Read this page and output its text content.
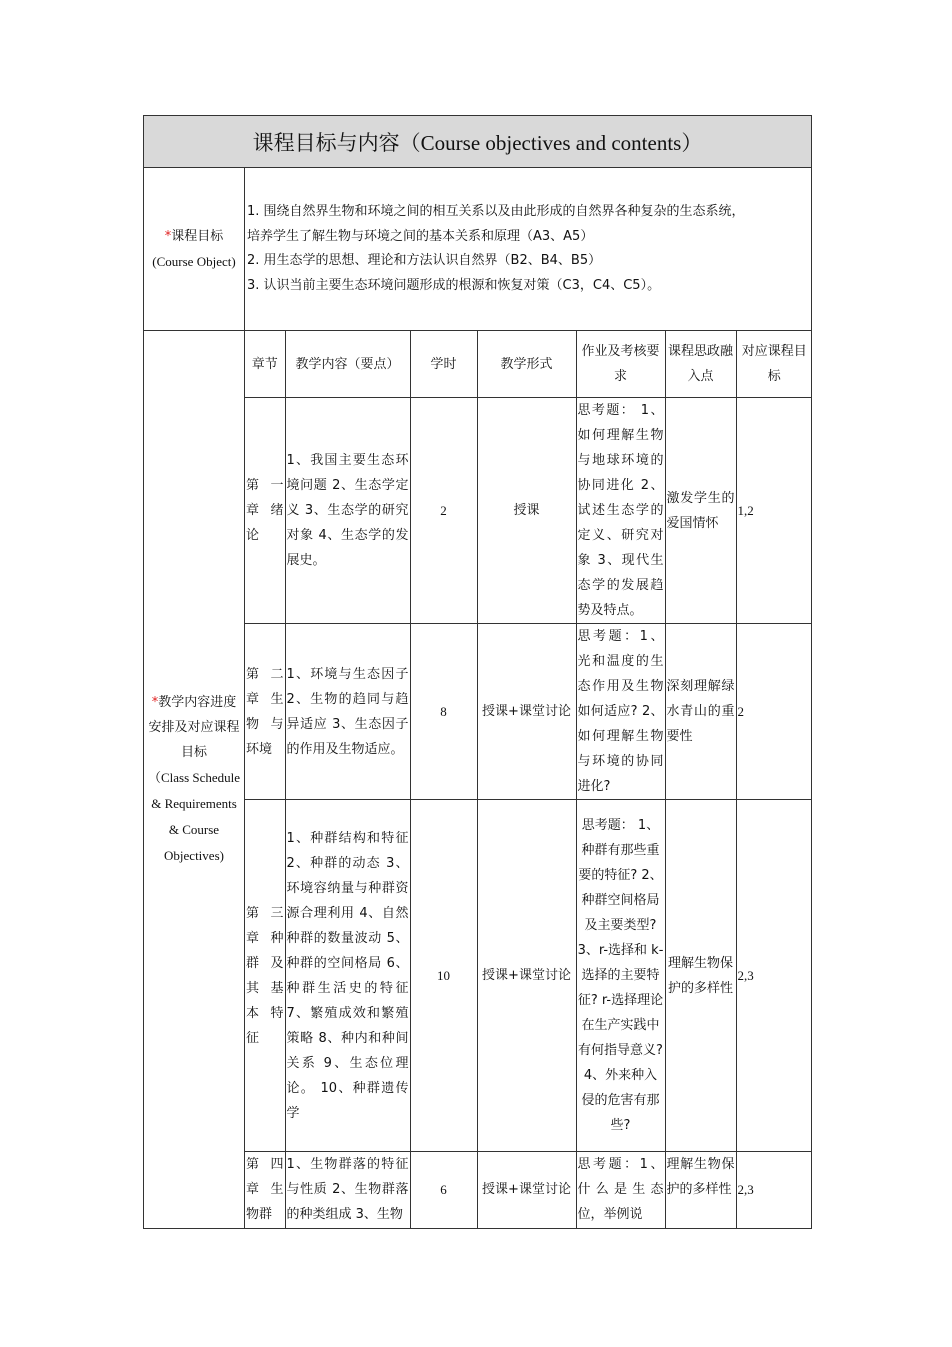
课程目标与内容（Course objectives and contents）
*课程目标
(Course Object)	
1. 围绕自然界生物和环境之间的相互关系以及由此形成的自然界各种复杂的生态系统，
培养学生了解生物与环境之间的基本关系和原理（A3、A5）
2. 用生态学的思想、理论和方法认识自然界（B2、B4、B5）
3. 认识当前主要生态环境问题形成的根源和恢复对策（C3，C4、C5）。

*教学内容进度安排及对应课程目标
（Class Schedule & Requirements & Course Objectives)	
章节	教学内容（要点）	学时	教学形式	作业及考核要求	课程思政融入点	对应课程目标
第一章 绪论	1、我国主要生态环境问题 2、生态学定义 3、生态学的研究对象 4、生态学的发展史。	2	授课	思考题： 1、如何理解生物与地球环境的协同进化 2、试述生态学的定义、研究对象 3、现代生态学的发展趋势及特点。	激发学生的爱国情怀	1,2
第二章 生物与环境	1、环境与生态因子 2、生物的趋同与趋异适应 3、生态因子的作用及生物适应。	8	授课+课堂讨论	思考题：1、光和温度的生态作用及生物如何适应? 2、如何理解生物与环境的协同进化?	深刻理解绿水青山的重要性	2
第三章 种群及其基本特征	1、种群结构和特征 2、种群的动态 3、环境容纳量与种群资源合理利用 4、自然种群的数量波动 5、种群的空间格局 6、种群生活史的特征 7、繁殖成效和繁殖策略 8、种内和种间关系 9、生态位理论。 10、种群遗传学	10	授课+课堂讨论	思考题： 1、种群有那些重要的特征? 2、种群空间格局及主要类型? 3、r-选择和 k-选择的主要特征? r-选择理论在生产实践中有何指导意义? 4、外来种入侵的危害有那些?	理解生物保护的多样性	2,3
第四章 生物群	1、生物群落的特征与性质 2、生物群落的种类组成 3、生物	6	授课+课堂讨论	思考题：1、什么是生态位，举例说	理解生物保护的多样性	2,3
